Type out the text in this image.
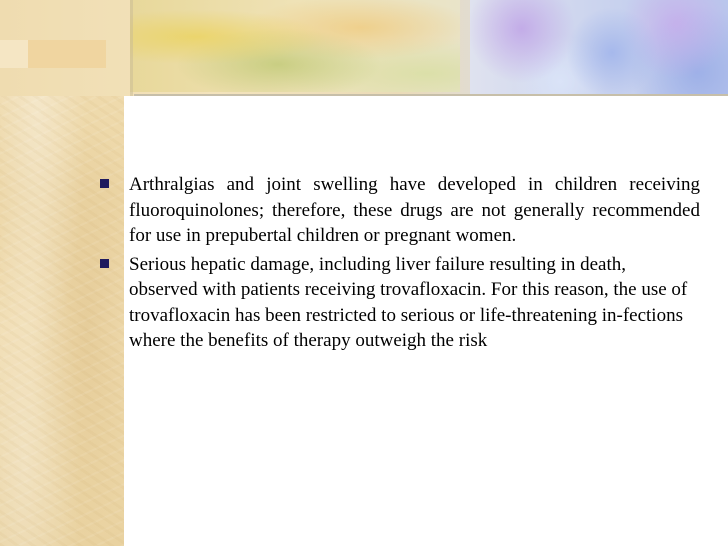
Arthralgias and joint swelling have developed in children receiving fluoroquinolones; therefore, these drugs are not generally recommended for use in prepubertal children or pregnant women.
Serious hepatic damage, including liver failure resulting in death, observed with patients receiving trovafloxacin. For this reason, the use of trovafloxacin has been restricted to serious or life-threatening in-fections where the benefits of therapy outweigh the risk
